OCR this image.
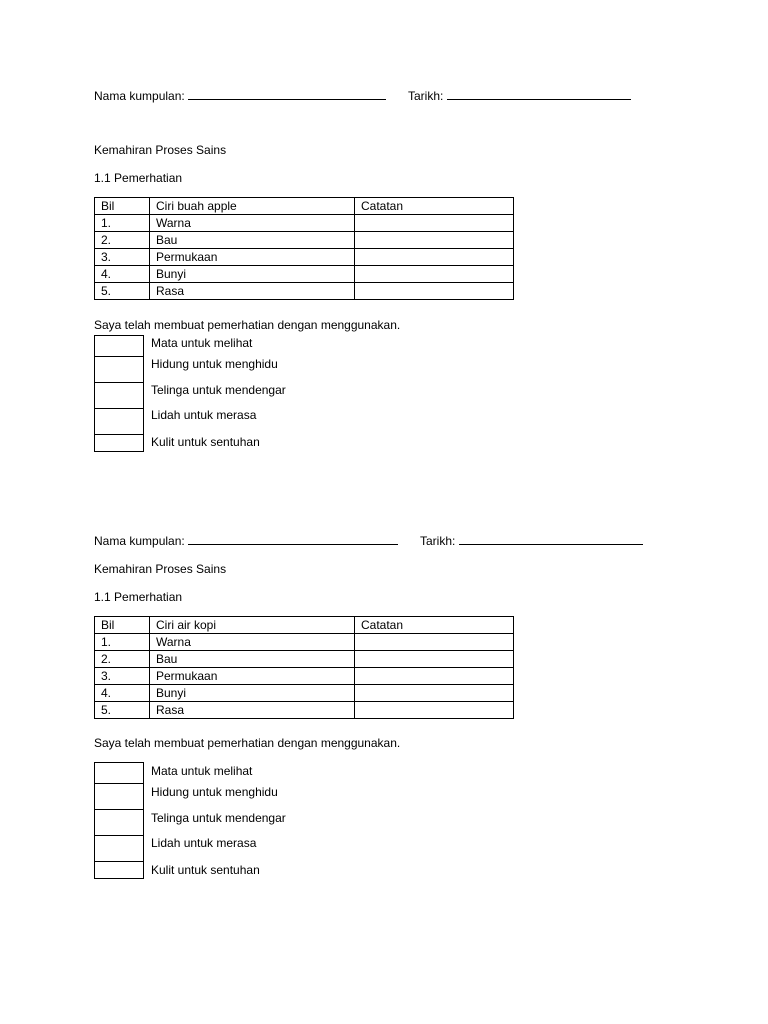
Nama kumpulan:	Tarikh:
Kemahiran Proses Sains
1.1 Pemerhatian
Bil	Ciri buah apple	Catatan
1.	Warna	
2.	Bau	
3.	Permukaan	
4.	Bunyi	
5.	Rasa	
Saya telah membuat pemerhatian dengan menggunakan.
Mata untuk melihat
Hidung untuk menghidu
Telinga untuk mendengar
Lidah untuk merasa
Kulit untuk sentuhan
Nama kumpulan:	Tarikh:
Kemahiran Proses Sains
1.1 Pemerhatian
Bil	Ciri air kopi	Catatan
1.	Warna	
2.	Bau	
3.	Permukaan	
4.	Bunyi	
5.	Rasa	
Saya telah membuat pemerhatian dengan menggunakan.
Mata untuk melihat
Hidung untuk menghidu
Telinga untuk mendengar
Lidah untuk merasa
Kulit untuk sentuhan
